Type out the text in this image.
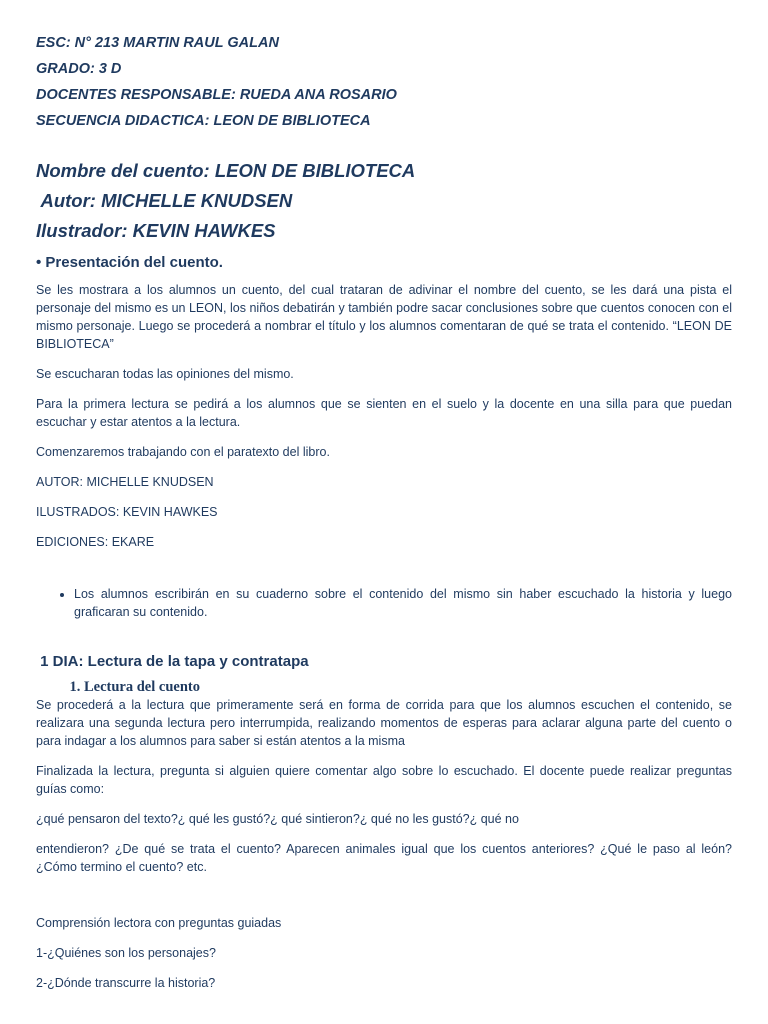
ESC: N° 213 MARTIN RAUL GALAN
GRADO: 3 D
DOCENTES RESPONSABLE: RUEDA ANA ROSARIO
SECUENCIA DIDACTICA: LEON DE BIBLIOTECA
Nombre del cuento: LEON DE BIBLIOTECA
Autor: MICHELLE KNUDSEN
Ilustrador: KEVIN HAWKES
• Presentación del cuento.

Se les mostrara a los alumnos un cuento, del cual trataran de adivinar el nombre del cuento, se les dará una pista el personaje del mismo es un LEON, los niños debatirán y también podre sacar conclusiones sobre que cuentos conocen con el mismo personaje. Luego se procederá a nombrar el título y los alumnos comentaran de qué se trata el contenido. “LEON DE BIBLIOTECA”

Se escucharan todas las opiniones del mismo.

Para la primera lectura se pedirá a los alumnos que se sienten en el suelo y la docente en una silla para que puedan escuchar y estar atentos a la lectura.

Comenzaremos trabajando con el paratexto del libro.

AUTOR: MICHELLE KNUDSEN

ILUSTRADOS: KEVIN HAWKES

EDICIONES: EKARE

• Los alumnos escribirán en su cuaderno sobre el contenido del mismo sin haber escuchado la historia y luego graficaran su contenido.
1 DIA: Lectura de la tapa y contratapa
1. Lectura del cuento

Se procederá a la lectura que primeramente será en forma de corrida para que los alumnos escuchen el contenido, se realizara una segunda lectura pero interrumpida, realizando momentos de esperas para aclarar alguna parte del cuento o para indagar a los alumnos para saber si están atentos a la misma

Finalizada la lectura, pregunta si alguien quiere comentar algo sobre lo escuchado. El docente puede realizar preguntas guías como:

¿qué pensaron del texto?¿ qué les gustó?¿ qué sintieron?¿ qué no les gustó?¿ qué no

entendieron? ¿De qué se trata el cuento? Aparecen animales igual que los cuentos anteriores? ¿Qué le paso al león? ¿Cómo termino el cuento? etc.

Comprensión lectora con preguntas guiadas

1-¿Quiénes son los personajes?

2-¿Dónde transcurre la historia?
